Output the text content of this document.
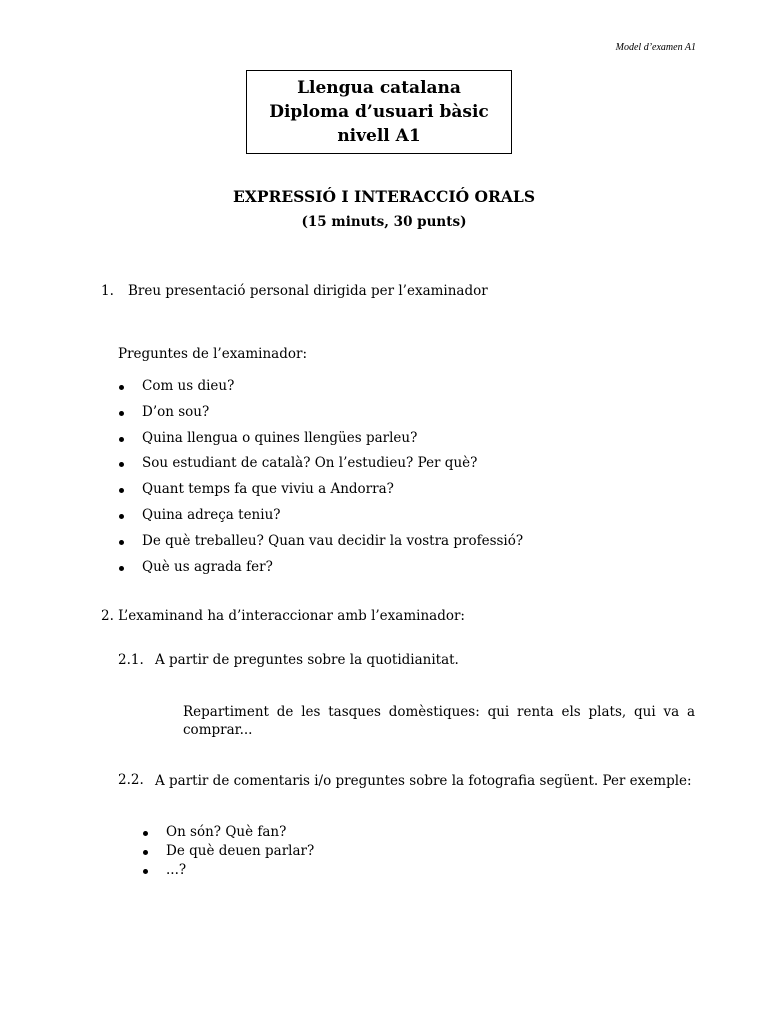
Model d’examen A1
Llengua catalana
Diploma d’usuari bàsic
nivell A1
EXPRESSIÓ I INTERACCIÓ ORALS
(15 minuts, 30 punts)
1. Breu presentació personal dirigida per l’examinador
Preguntes de l’examinador:
Com us dieu?
D’on sou?
Quina llengua o quines llengües parleu?
Sou estudiant de català? On l’estudieu? Per què?
Quant temps fa que viviu a Andorra?
Quina adreça teniu?
De què treballeu? Quan vau decidir la vostra professió?
Què us agrada fer?
2. L’examinand ha d’interaccionar amb l’examinador:
2.1. A partir de preguntes sobre la quotidianitat.
Repartiment de les tasques domèstiques: qui renta els plats, qui va a comprar...
2.2. A partir de comentaris i/o preguntes sobre la fotografia següent. Per exemple:
On són? Què fan?
De què deuen parlar?
...?
